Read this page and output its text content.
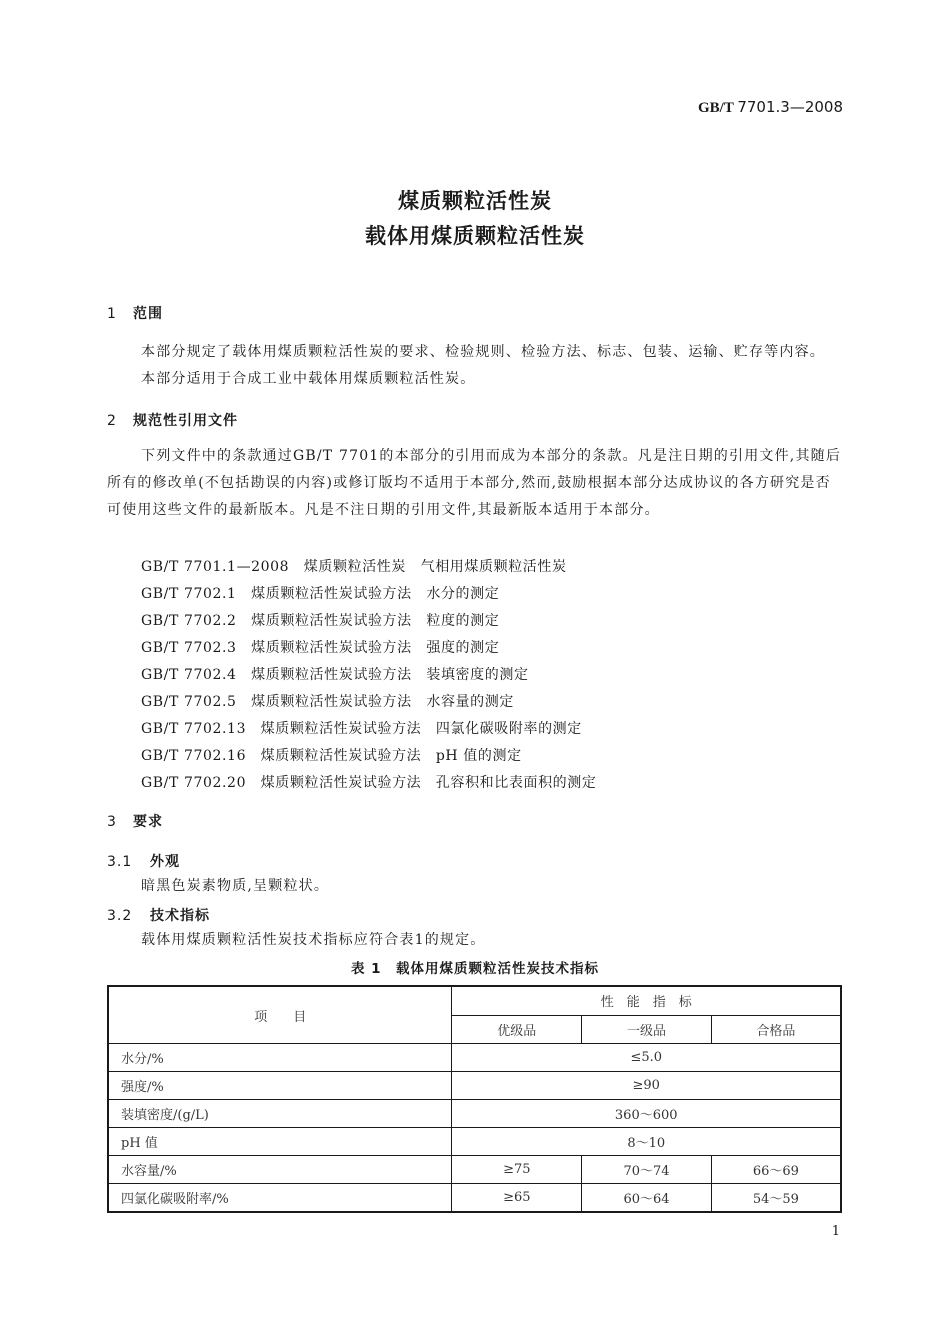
GB/T 7701.3—2008
煤质颗粒活性炭
载体用煤质颗粒活性炭
1 范围
本部分规定了载体用煤质颗粒活性炭的要求、检验规则、检验方法、标志、包装、运输、贮存等内容。
本部分适用于合成工业中载体用煤质颗粒活性炭。
2 规范性引用文件
下列文件中的条款通过GB/T 7701的本部分的引用而成为本部分的条款。凡是注日期的引用文件,其随后所有的修改单(不包括勘误的内容)或修订版均不适用于本部分,然而,鼓励根据本部分达成协议的各方研究是否可使用这些文件的最新版本。凡是不注日期的引用文件,其最新版本适用于本部分。
GB/T 7701.1—2008　煤质颗粒活性炭　气相用煤质颗粒活性炭
GB/T 7702.1　煤质颗粒活性炭试验方法　水分的测定
GB/T 7702.2　煤质颗粒活性炭试验方法　粒度的测定
GB/T 7702.3　煤质颗粒活性炭试验方法　强度的测定
GB/T 7702.4　煤质颗粒活性炭试验方法　装填密度的测定
GB/T 7702.5　煤质颗粒活性炭试验方法　水容量的测定
GB/T 7702.13　煤质颗粒活性炭试验方法　四氯化碳吸附率的测定
GB/T 7702.16　煤质颗粒活性炭试验方法　pH 值的测定
GB/T 7702.20　煤质颗粒活性炭试验方法　孔容积和比表面积的测定
3 要求
3.1 外观
暗黑色炭素物质,呈颗粒状。
3.2 技术指标
载体用煤质颗粒活性炭技术指标应符合表1的规定。
表 1　载体用煤质颗粒活性炭技术指标
项　　目	性　能　指　标		
	优级品	一级品	合格品
水分/%	≤5.0		
强度/%	≥90		
装填密度/(g/L)	360～600		
pH 值	8～10		
水容量/%	≥75	70～74	66～69
四氯化碳吸附率/%	≥65	60～64	54～59
1
